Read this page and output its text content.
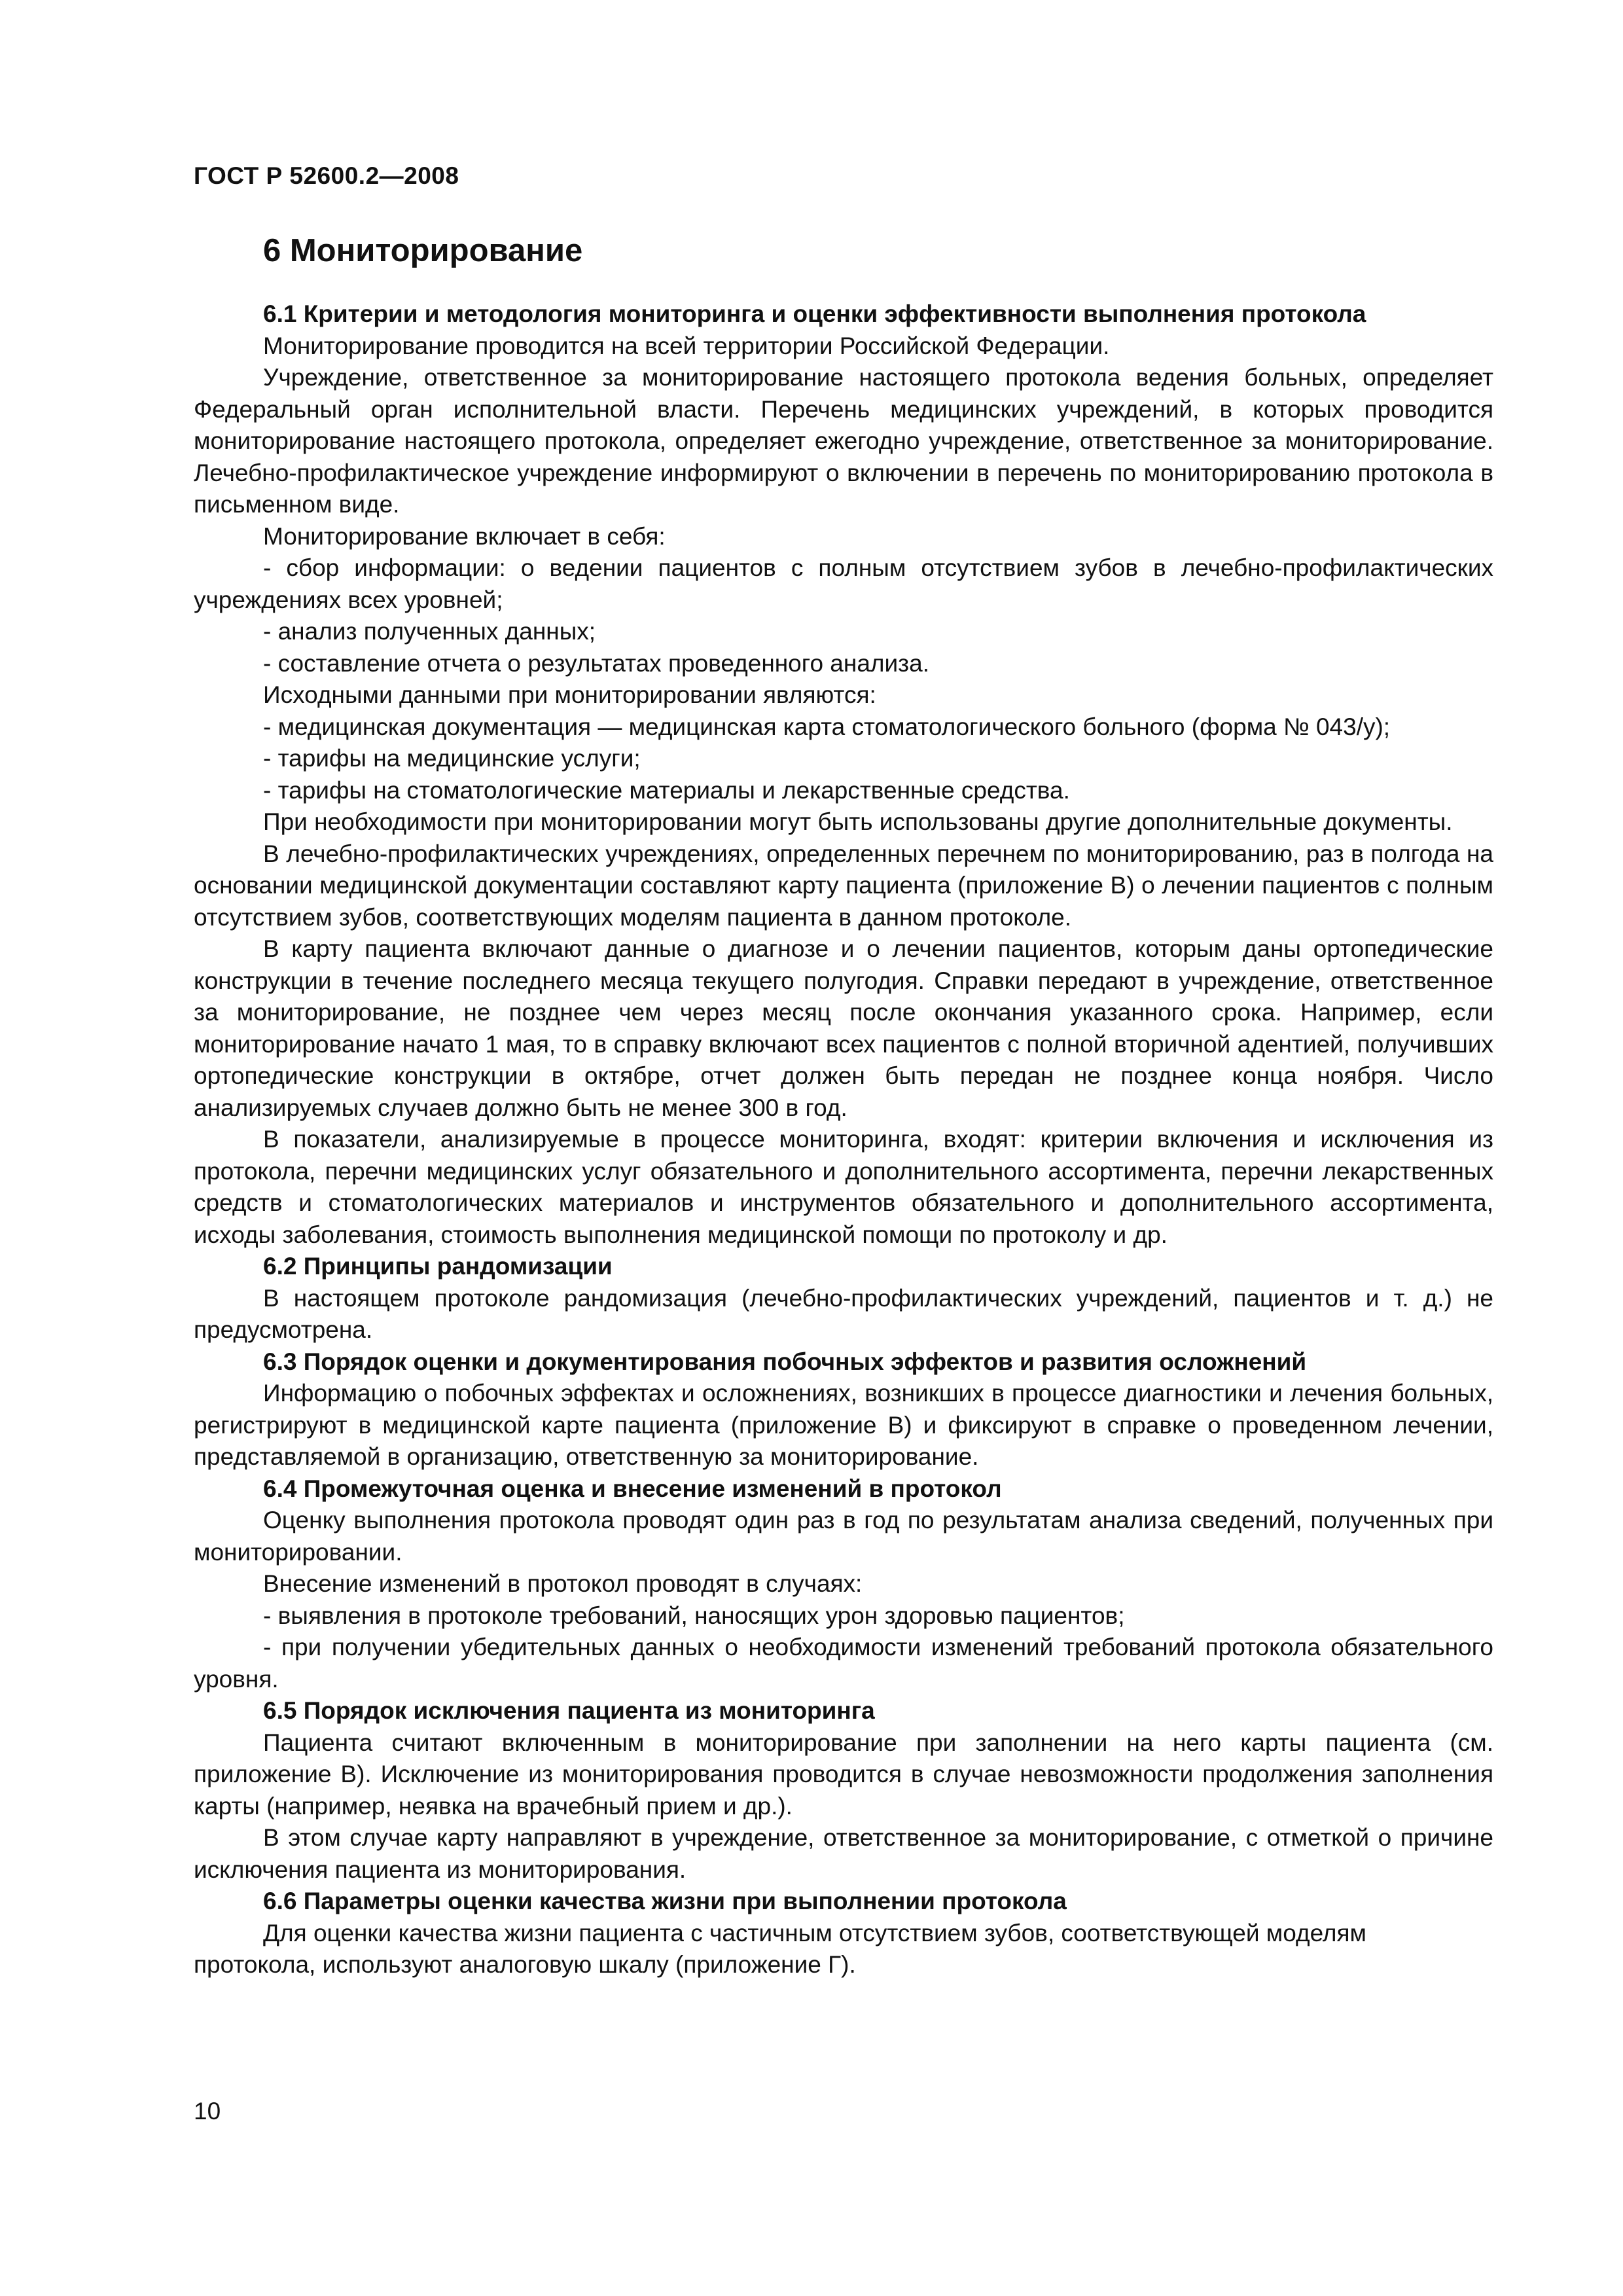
ГОСТ Р 52600.2—2008
6 Мониторирование
6.1 Критерии и методология мониторинга и оценки эффективности выполнения протокола

Мониторирование проводится на всей территории Российской Федерации.

Учреждение, ответственное за мониторирование настоящего протокола ведения больных, определяет Федеральный орган исполнительной власти. Перечень медицинских учреждений, в которых проводится мониторирование настоящего протокола, определяет ежегодно учреждение, ответственное за мониторирование. Лечебно-профилактическое учреждение информируют о включении в перечень по мониторированию протокола в письменном виде.

Мониторирование включает в себя:

- сбор информации: о ведении пациентов с полным отсутствием зубов в лечебно-профилактических учреждениях всех уровней;

- анализ полученных данных;

- составление отчета о результатах проведенного анализа.

Исходными данными при мониторировании являются:

- медицинская документация — медицинская карта стоматологического больного (форма № 043/у);

- тарифы на медицинские услуги;

- тарифы на стоматологические материалы и лекарственные средства.

При необходимости при мониторировании могут быть использованы другие дополнительные документы.

В лечебно-профилактических учреждениях, определенных перечнем по мониторированию, раз в полгода на основании медицинской документации составляют карту пациента (приложение В) о лечении пациентов с полным отсутствием зубов, соответствующих моделям пациента в данном протоколе.

В карту пациента включают данные о диагнозе и о лечении пациентов, которым даны ортопедические конструкции в течение последнего месяца текущего полугодия. Справки передают в учреждение, ответственное за мониторирование, не позднее чем через месяц после окончания указанного срока. Например, если мониторирование начато 1 мая, то в справку включают всех пациентов с полной вторичной адентией, получивших ортопедические конструкции в октябре, отчет должен быть передан не позднее конца ноября. Число анализируемых случаев должно быть не менее 300 в год.

В показатели, анализируемые в процессе мониторинга, входят: критерии включения и исключения из протокола, перечни медицинских услуг обязательного и дополнительного ассортимента, перечни лекарственных средств и стоматологических материалов и инструментов обязательного и дополнительного ассортимента, исходы заболевания, стоимость выполнения медицинской помощи по протоколу и др.

6.2 Принципы рандомизации

В настоящем протоколе рандомизация (лечебно-профилактических учреждений, пациентов и т. д.) не предусмотрена.

6.3 Порядок оценки и документирования побочных эффектов и развития осложнений

Информацию о побочных эффектах и осложнениях, возникших в процессе диагностики и лечения больных, регистрируют в медицинской карте пациента (приложение В) и фиксируют в справке о проведенном лечении, представляемой в организацию, ответственную за мониторирование.

6.4 Промежуточная оценка и внесение изменений в протокол

Оценку выполнения протокола проводят один раз в год по результатам анализа сведений, полученных при мониторировании.

Внесение изменений в протокол проводят в случаях:

- выявления в протоколе требований, наносящих урон здоровью пациентов;

- при получении убедительных данных о необходимости изменений требований протокола обязательного уровня.

6.5 Порядок исключения пациента из мониторинга

Пациента считают включенным в мониторирование при заполнении на него карты пациента (см. приложение В). Исключение из мониторирования проводится в случае невозможности продолжения заполнения карты (например, неявка на врачебный прием и др.).

В этом случае карту направляют в учреждение, ответственное за мониторирование, с отметкой о причине исключения пациента из мониторирования.

6.6 Параметры оценки качества жизни при выполнении протокола

Для оценки качества жизни пациента с частичным отсутствием зубов, соответствующей моделям протокола, используют аналоговую шкалу (приложение Г).

10
